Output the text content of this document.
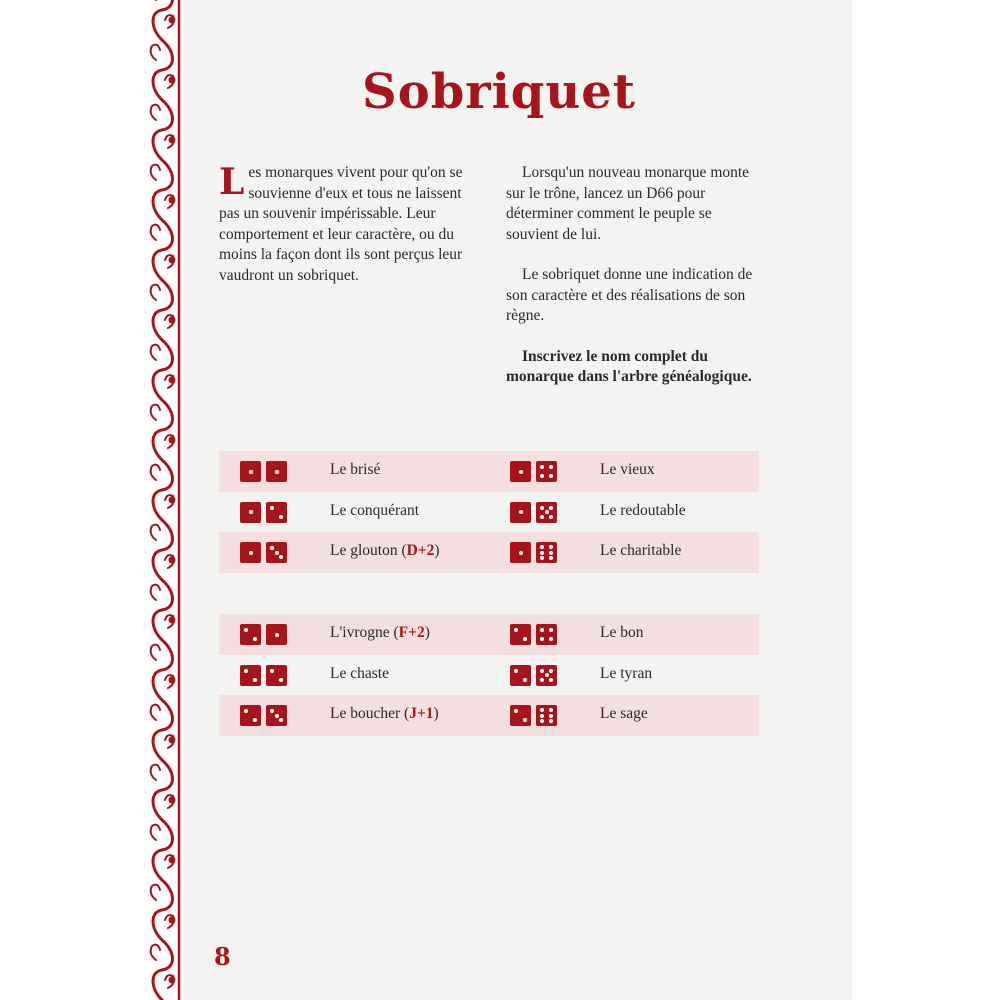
Sobriquet

Les monarques vivent pour qu'on se souvienne d'eux et tous ne laissent pas un souvenir impérissable. Leur comportement et leur caractère, ou du moins la façon dont ils sont perçus leur vaudront un sobriquet.

Lorsqu'un nouveau monarque monte sur le trône, lancez un D66 pour déterminer comment le peuple se souvient de lui.

Le sobriquet donne une indication de son caractère et des réalisations de son règne.

Inscrivez le nom complet du monarque dans l'arbre généalogique.

Le brisé	Le vieux
Le conquérant	Le redoutable
Le glouton (D+2)	Le charitable
L'ivrogne (F+2)	Le bon
Le chaste	Le tyran
Le boucher (J+1)	Le sage
8
